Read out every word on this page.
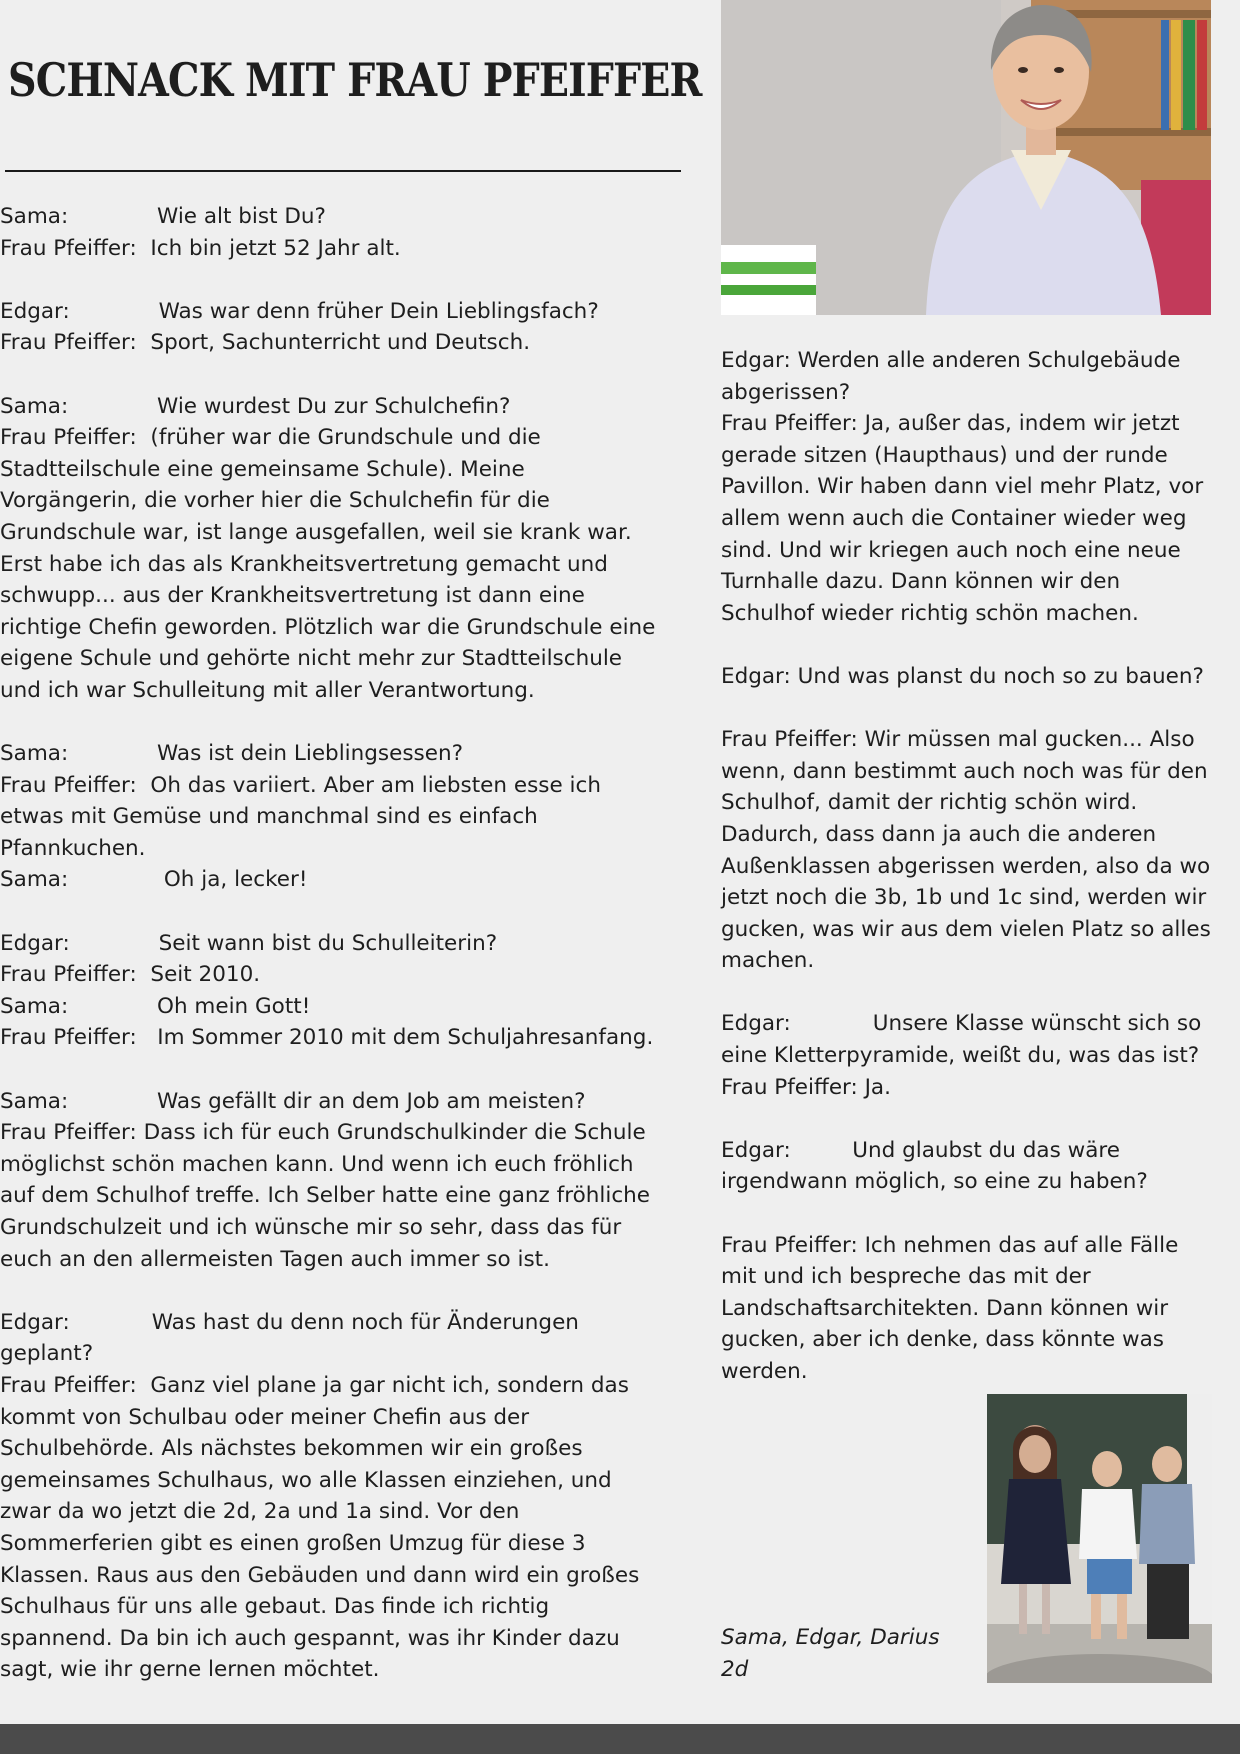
SCHNACK MIT FRAU PFEIFFER
Sama:             Wie alt bist Du?
Frau Pfeiffer:  Ich bin jetzt 52 Jahr alt.
Edgar:             Was war denn früher Dein Lieblingsfach?
Frau Pfeiffer:  Sport, Sachunterricht und Deutsch.
Sama:             Wie wurdest Du zur Schulchefin?
Frau Pfeiffer:  (früher war die Grundschule und die
Stadtteilschule eine gemeinsame Schule). Meine
Vorgängerin, die vorher hier die Schulchefin für die
Grundschule war, ist lange ausgefallen, weil sie krank war.
Erst habe ich das als Krankheitsvertretung gemacht und
schwupp... aus der Krankheitsvertretung ist dann eine
richtige Chefin geworden. Plötzlich war die Grundschule eine
eigene Schule und gehörte nicht mehr zur Stadtteilschule
und ich war Schulleitung mit aller Verantwortung.
Sama:             Was ist dein Lieblingsessen?
Frau Pfeiffer:  Oh das variiert. Aber am liebsten esse ich
etwas mit Gemüse und manchmal sind es einfach
Pfannkuchen.
Sama:              Oh ja, lecker!
Edgar:             Seit wann bist du Schulleiterin?
Frau Pfeiffer:  Seit 2010.
Sama:             Oh mein Gott!
Frau Pfeiffer:   Im Sommer 2010 mit dem Schuljahresanfang.
Sama:             Was gefällt dir an dem Job am meisten?
Frau Pfeiffer: Dass ich für euch Grundschulkinder die Schule
möglichst schön machen kann. Und wenn ich euch fröhlich
auf dem Schulhof treffe. Ich Selber hatte eine ganz fröhliche
Grundschulzeit und ich wünsche mir so sehr, dass das für
euch an den allermeisten Tagen auch immer so ist.
Edgar:            Was hast du denn noch für Änderungen
geplant?
Frau Pfeiffer:  Ganz viel plane ja gar nicht ich, sondern das
kommt von Schulbau oder meiner Chefin aus der
Schulbehörde. Als nächstes bekommen wir ein großes
gemeinsames Schulhaus, wo alle Klassen einziehen, und
zwar da wo jetzt die 2d, 2a und 1a sind. Vor den
Sommerferien gibt es einen großen Umzug für diese 3
Klassen. Raus aus den Gebäuden und dann wird ein großes
Schulhaus für uns alle gebaut. Das finde ich richtig
spannend. Da bin ich auch gespannt, was ihr Kinder dazu
sagt, wie ihr gerne lernen möchtet.
Edgar: Werden alle anderen Schulgebäude
abgerissen?
Frau Pfeiffer: Ja, außer das, indem wir jetzt
gerade sitzen (Haupthaus) und der runde
Pavillon. Wir haben dann viel mehr Platz, vor
allem wenn auch die Container wieder weg
sind. Und wir kriegen auch noch eine neue
Turnhalle dazu. Dann können wir den
Schulhof wieder richtig schön machen.
Edgar: Und was planst du noch so zu bauen?
Frau Pfeiffer: Wir müssen mal gucken... Also
wenn, dann bestimmt auch noch was für den
Schulhof, damit der richtig schön wird.
Dadurch, dass dann ja auch die anderen
Außenklassen abgerissen werden, also da wo
jetzt noch die 3b, 1b und 1c sind, werden wir
gucken, was wir aus dem vielen Platz so alles
machen.
Edgar:            Unsere Klasse wünscht sich so
eine Kletterpyramide, weißt du, was das ist?
Frau Pfeiffer: Ja.
Edgar:         Und glaubst du das wäre
irgendwann möglich, so eine zu haben?
Frau Pfeiffer: Ich nehmen das auf alle Fälle
mit und ich bespreche das mit der
Landschaftsarchitekten. Dann können wir
gucken, aber ich denke, dass könnte was
werden.
Sama, Edgar, Darius
2d
